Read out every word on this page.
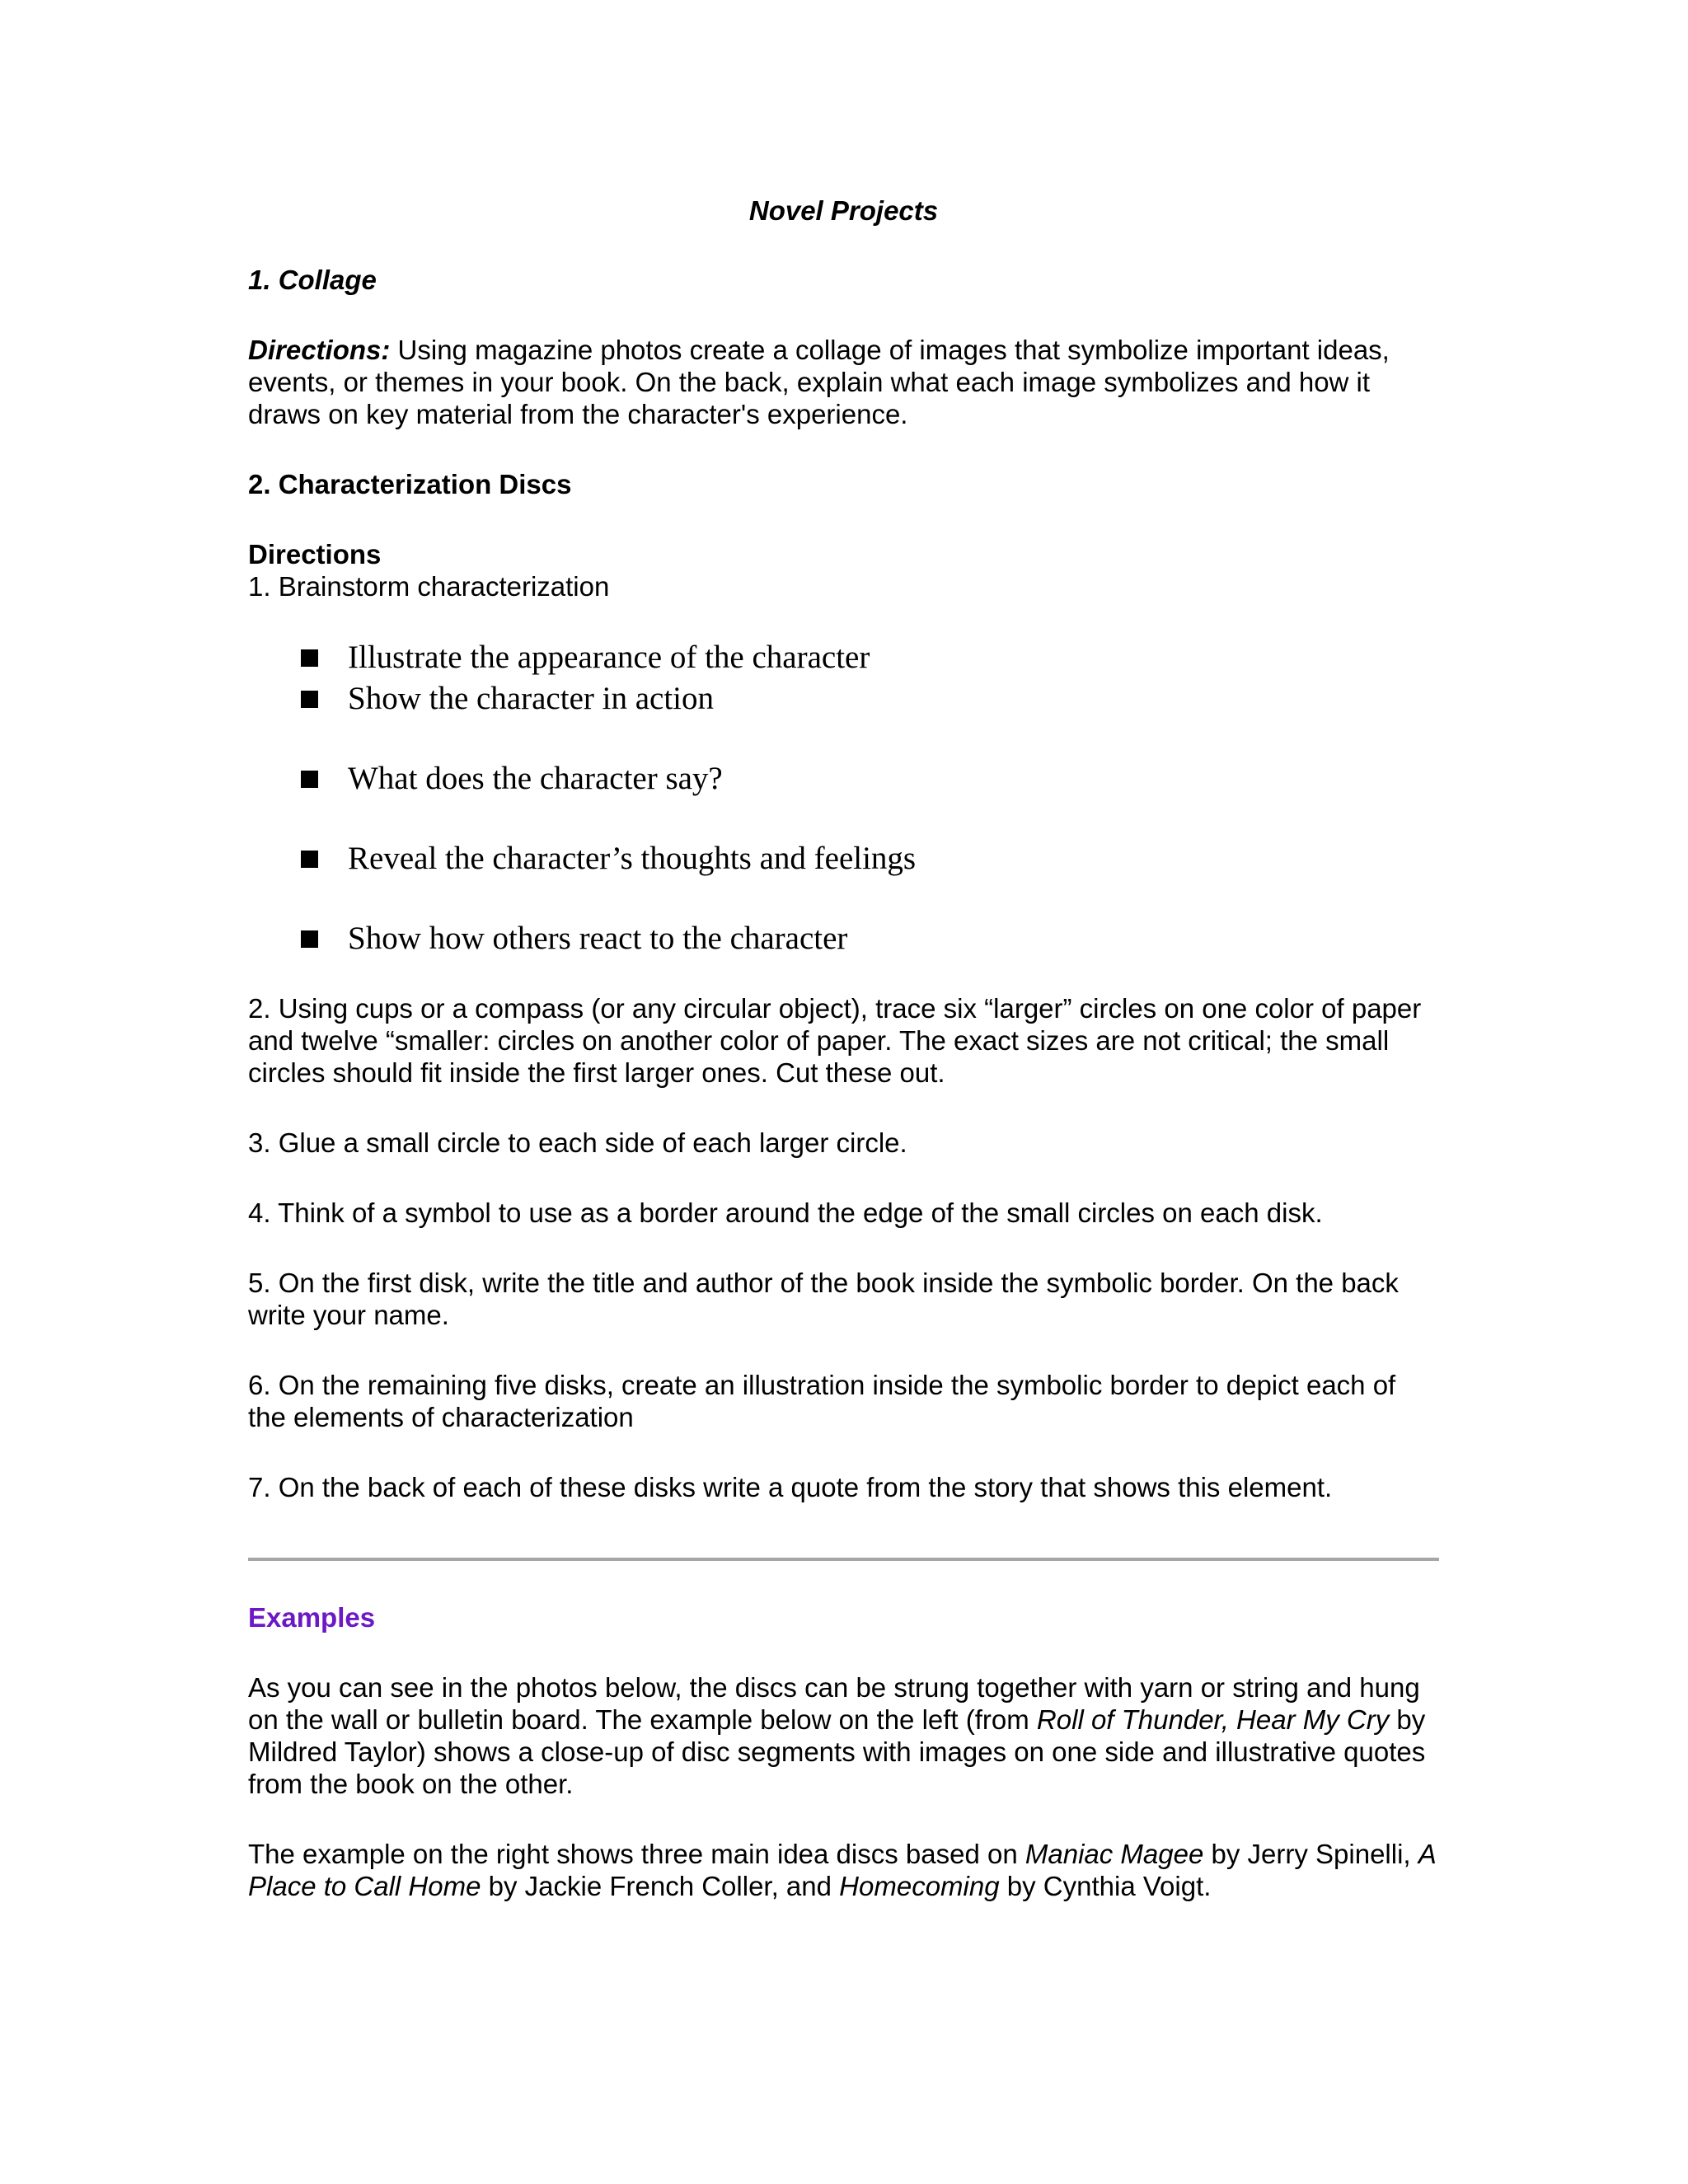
Novel Projects

1. Collage

Directions: Using magazine photos create a collage of images that symbolize important ideas, events, or themes in your book. On the back, explain what each image symbolizes and how it draws on key material from the character's experience.

2. Characterization Discs

Directions

1. Brainstorm characterization

Illustrate the appearance of the character
Show the character in action
What does the character say?
Reveal the character’s thoughts and feelings
Show how others react to the character

2. Using cups or a compass (or any circular object), trace six “larger” circles on one color of paper and twelve “smaller: circles on another color of paper. The exact sizes are not critical; the small circles should fit inside the first larger ones. Cut these out.

3. Glue a small circle to each side of each larger circle.

4. Think of a symbol to use as a border around the edge of the small circles on each disk.

5. On the first disk, write the title and author of the book inside the symbolic border. On the back write your name.

6. On the remaining five disks, create an illustration inside the symbolic border to depict each of the elements of characterization

7. On the back of each of these disks write a quote from the story that shows this element.

Examples

As you can see in the photos below, the discs can be strung together with yarn or string and hung on the wall or bulletin board. The example below on the left (from Roll of Thunder, Hear My Cry by Mildred Taylor) shows a close-up of disc segments with images on one side and illustrative quotes from the book on the other.

The example on the right shows three main idea discs based on Maniac Magee by Jerry Spinelli, A Place to Call Home by Jackie French Coller, and Homecoming by Cynthia Voigt.
